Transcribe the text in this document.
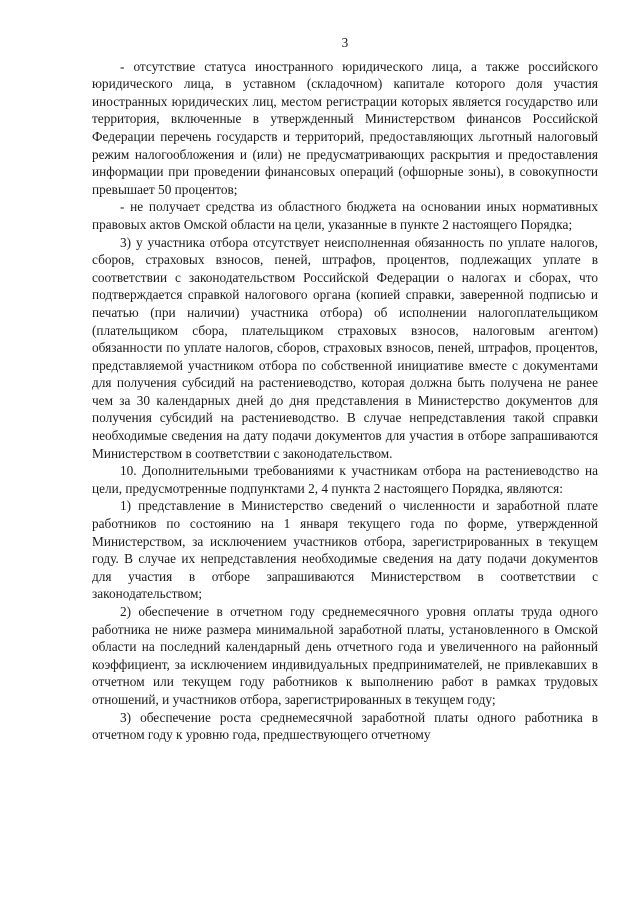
3

- отсутствие статуса иностранного юридического лица, а также российского юридического лица, в уставном (складочном) капитале которого доля участия иностранных юридических лиц, местом регистрации которых является государство или территория, включенные в утвержденный Министерством финансов Российской Федерации перечень государств и территорий, предоставляющих льготный налоговый режим налогообложения и (или) не предусматривающих раскрытия и предоставления информации при проведении финансовых операций (офшорные зоны), в совокупности превышает 50 процентов;

- не получает средства из областного бюджета на основании иных нормативных правовых актов Омской области на цели, указанные в пункте 2 настоящего Порядка;

3) у участника отбора отсутствует неисполненная обязанность по уплате налогов, сборов, страховых взносов, пеней, штрафов, процентов, подлежащих уплате в соответствии с законодательством Российской Федерации о налогах и сборах, что подтверждается справкой налогового органа (копией справки, заверенной подписью и печатью (при наличии) участника отбора) об исполнении налогоплательщиком (плательщиком сбора, плательщиком страховых взносов, налоговым агентом) обязанности по уплате налогов, сборов, страховых взносов, пеней, штрафов, процентов, представляемой участником отбора по собственной инициативе вместе с документами для получения субсидий на растениеводство, которая должна быть получена не ранее чем за 30 календарных дней до дня представления в Министерство документов для получения субсидий на растениеводство. В случае непредставления такой справки необходимые сведения на дату подачи документов для участия в отборе запрашиваются Министерством в соответствии с законодательством.

10. Дополнительными требованиями к участникам отбора на растениеводство на цели, предусмотренные подпунктами 2, 4 пункта 2 настоящего Порядка, являются:

1) представление в Министерство сведений о численности и заработной плате работников по состоянию на 1 января текущего года по форме, утвержденной Министерством, за исключением участников отбора, зарегистрированных в текущем году. В случае их непредставления необходимые сведения на дату подачи документов для участия в отборе запрашиваются Министерством в соответствии с законодательством;

2) обеспечение в отчетном году среднемесячного уровня оплаты труда одного работника не ниже размера минимальной заработной платы, установленного в Омской области на последний календарный день отчетного года и увеличенного на районный коэффициент, за исключением индивидуальных предпринимателей, не привлекавших в отчетном или текущем году работников к выполнению работ в рамках трудовых отношений, и участников отбора, зарегистрированных в текущем году;

3) обеспечение роста среднемесячной заработной платы одного работника в отчетном году к уровню года, предшествующего отчетному
